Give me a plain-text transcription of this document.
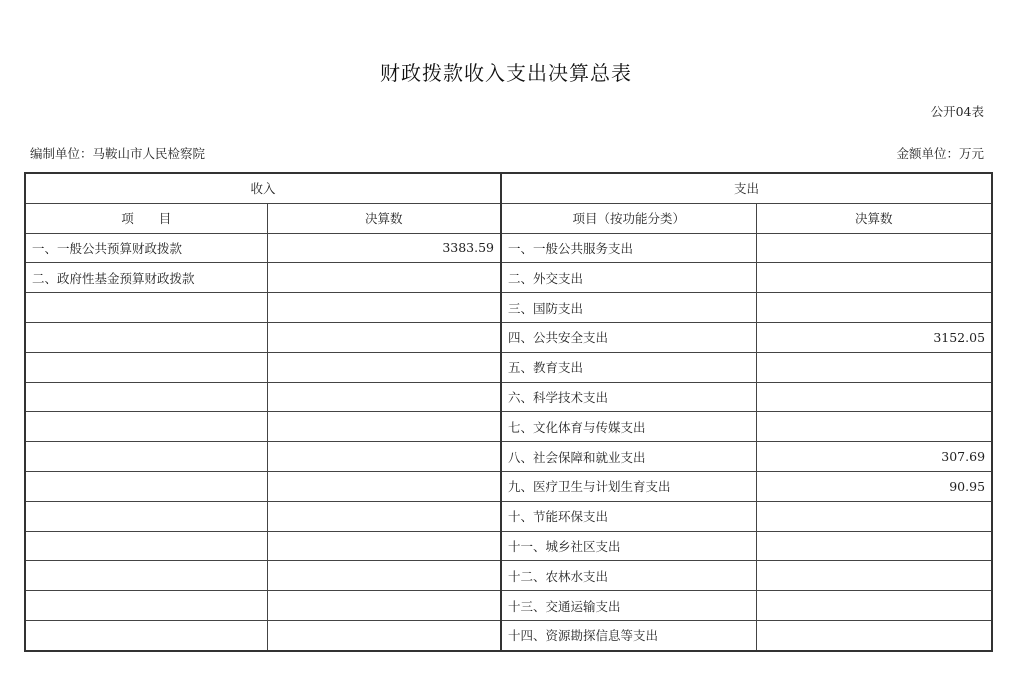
财政拨款收入支出决算总表
公开04表
编制单位：马鞍山市人民检察院	金额单位：万元
收入		支出	
项　　目	决算数	项目（按功能分类）	决算数
一、一般公共预算财政拨款	3383.59	一、一般公共服务支出	
二、政府性基金预算财政拨款		二、外交支出	
		三、国防支出	
		四、公共安全支出	3152.05
		五、教育支出	
		六、科学技术支出	
		七、文化体育与传媒支出	
		八、社会保障和就业支出	307.69
		九、医疗卫生与计划生育支出	90.95
		十、节能环保支出	
		十一、城乡社区支出	
		十二、农林水支出	
		十三、交通运输支出	
		十四、资源勘探信息等支出	
